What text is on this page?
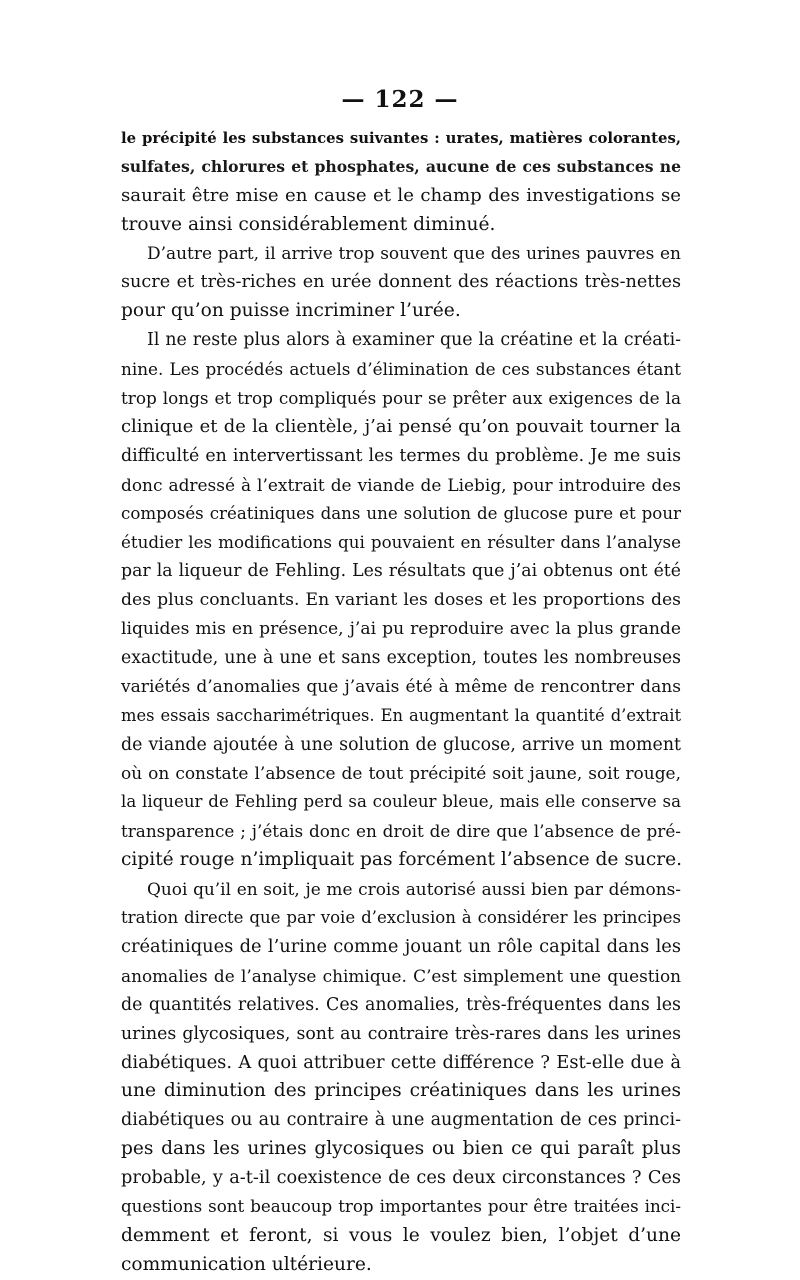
— 122 —
le précipité les substances suivantes : urates, matières colorantes,
sulfates, chlorures et phosphates, aucune de ces substances ne
saurait être mise en cause et le champ des investigations se
trouve ainsi considérablement diminué.
D’autre part, il arrive trop souvent que des urines pauvres en
sucre et très-riches en urée donnent des réactions très-nettes
pour qu’on puisse incriminer l’urée.
Il ne reste plus alors à examiner que la créatine et la créati-
nine. Les procédés actuels d’élimination de ces substances étant
trop longs et trop compliqués pour se prêter aux exigences de la
clinique et de la clientèle, j’ai pensé qu’on pouvait tourner la
difficulté en intervertissant les termes du problème. Je me suis
donc adressé à l’extrait de viande de Liebig, pour introduire des
composés créatiniques dans une solution de glucose pure et pour
étudier les modifications qui pouvaient en résulter dans l’analyse
par la liqueur de Fehling. Les résultats que j’ai obtenus ont été
des plus concluants. En variant les doses et les proportions des
liquides mis en présence, j’ai pu reproduire avec la plus grande
exactitude, une à une et sans exception, toutes les nombreuses
variétés d’anomalies que j’avais été à même de rencontrer dans
mes essais saccharimétriques. En augmentant la quantité d’extrait
de viande ajoutée à une solution de glucose, arrive un moment
où on constate l’absence de tout précipité soit jaune, soit rouge,
la liqueur de Fehling perd sa couleur bleue, mais elle conserve sa
transparence ; j’étais donc en droit de dire que l’absence de pré-
cipité rouge n’impliquait pas forcément l’absence de sucre.
Quoi qu’il en soit, je me crois autorisé aussi bien par démons-
tration directe que par voie d’exclusion à considérer les principes
créatiniques de l’urine comme jouant un rôle capital dans les
anomalies de l’analyse chimique. C’est simplement une question
de quantités relatives. Ces anomalies, très-fréquentes dans les
urines glycosiques, sont au contraire très-rares dans les urines
diabétiques. A quoi attribuer cette différence ? Est-elle due à
une diminution des principes créatiniques dans les urines
diabétiques ou au contraire à une augmentation de ces princi-
pes dans les urines glycosiques ou bien ce qui paraît plus
probable, y a-t-il coexistence de ces deux circonstances ? Ces
questions sont beaucoup trop importantes pour être traitées inci-
demment et feront, si vous le voulez bien, l’objet d’une
communication ultérieure.
